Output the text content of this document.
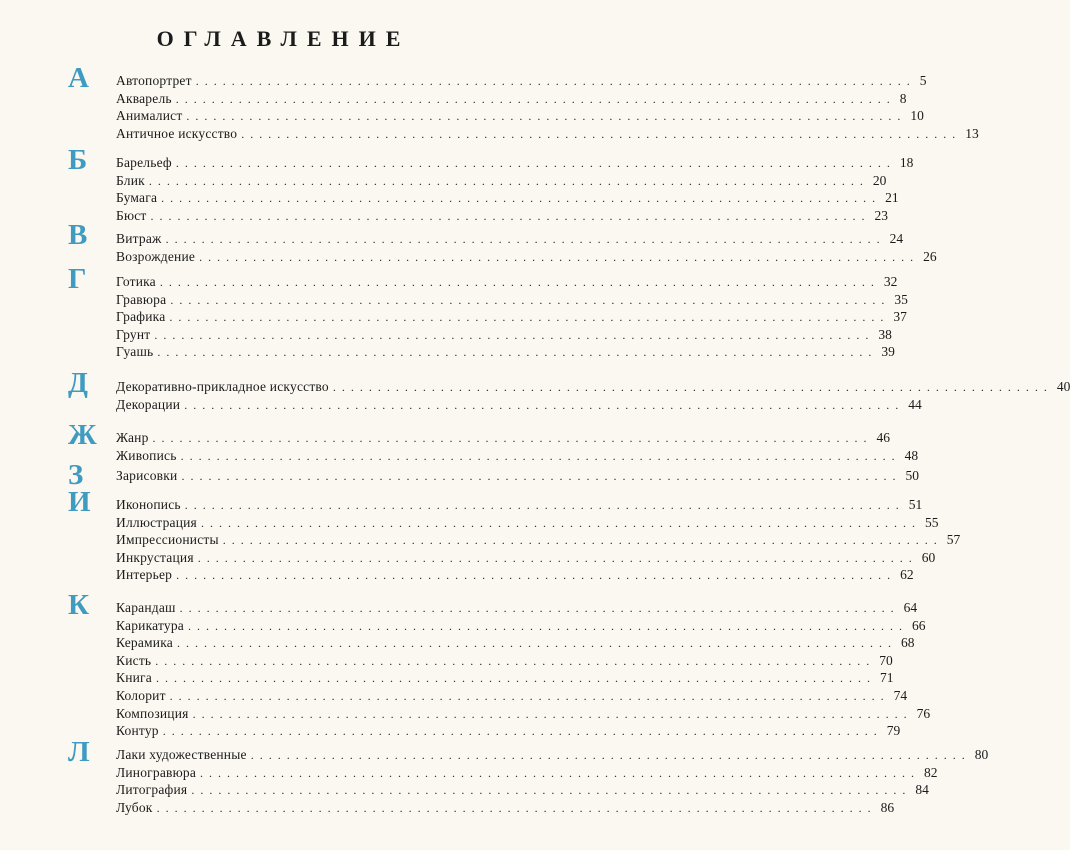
ОГЛАВЛЕНИЕ
А Автопортрет ................................................................................ 5
Акварель ................................................................................ 8
Анималист ................................................................................ 10
Античное искусство ................................................................................ 13
Б Барельеф ................................................................................ 18
Блик ................................................................................ 20
Бумага ................................................................................ 21
Бюст ................................................................................ 23
В Витраж ................................................................................ 24
Возрождение ................................................................................ 26
Г Готика ................................................................................ 32
Гравюра ................................................................................ 35
Графика ................................................................................ 37
Грунт ................................................................................ 38
Гуашь ................................................................................ 39
Д Декоративно-прикладное искусство ................................................................................ 40
Декорации ................................................................................ 44
Ж Жанр ................................................................................ 46
Живопись ................................................................................ 48
З Зарисовки ................................................................................ 50
И Иконопись ................................................................................ 51
Иллюстрация ................................................................................ 55
Импрессионисты ................................................................................ 57
Инкрустация ................................................................................ 60
Интерьер ................................................................................ 62
К Карандаш ................................................................................ 64
Карикатура ................................................................................ 66
Керамика ................................................................................ 68
Кисть ................................................................................ 70
Книга ................................................................................ 71
Колорит ................................................................................ 74
Композиция ................................................................................ 76
Контур ................................................................................ 79
Л Лаки художественные ................................................................................ 80
Линогравюра ................................................................................ 82
Литография ................................................................................ 84
Лубок ................................................................................ 86
